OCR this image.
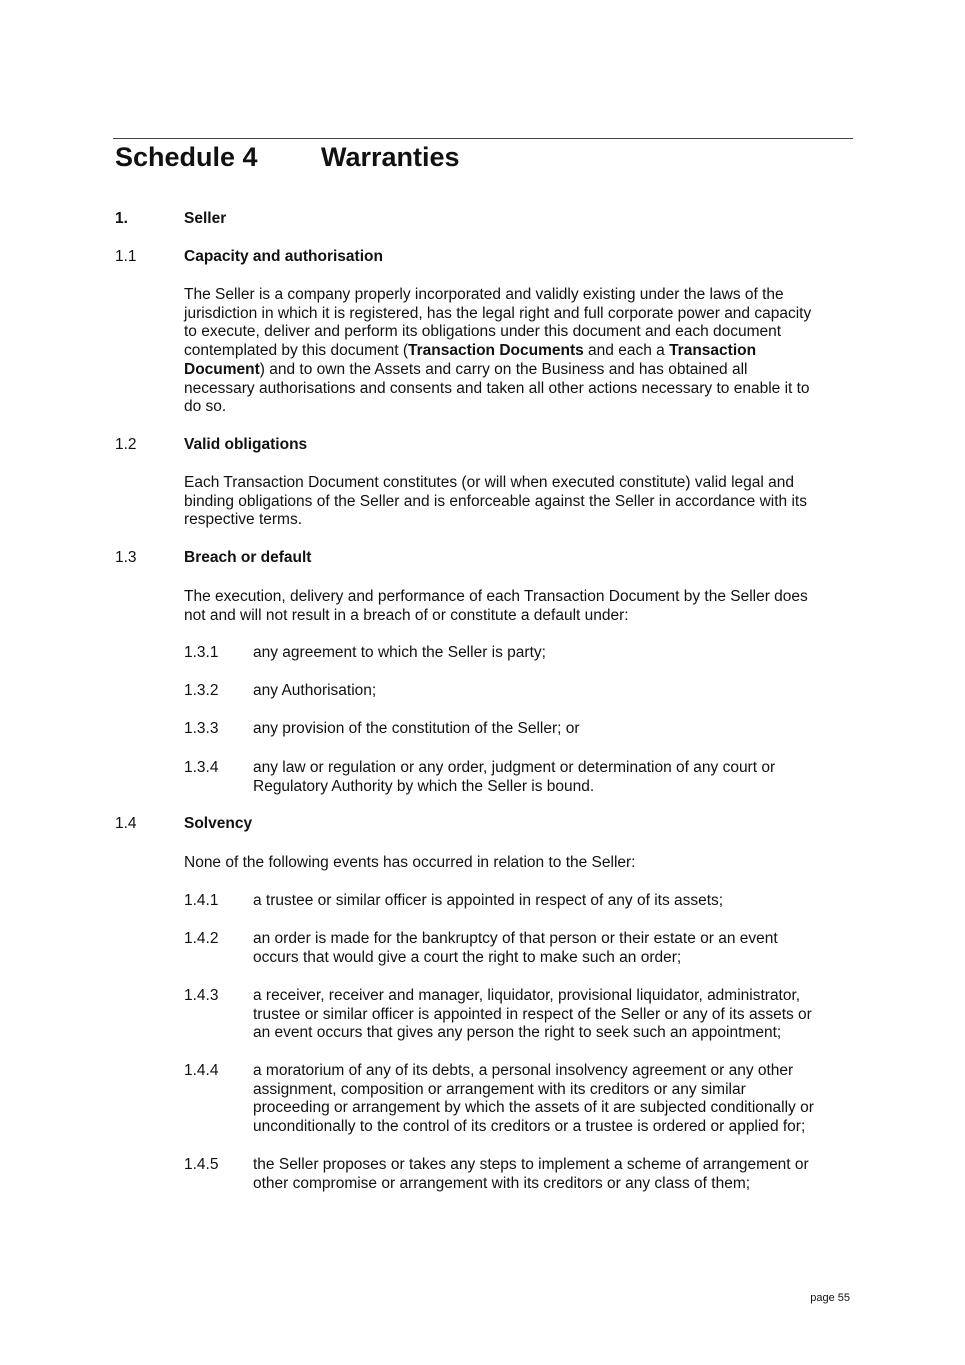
Schedule 4 Warranties
1.	Seller
1.1	Capacity and authorisation
The Seller is a company properly incorporated and validly existing under the laws of the
jurisdiction in which it is registered, has the legal right and full corporate power and capacity
to execute, deliver and perform its obligations under this document and each document
contemplated by this document (Transaction Documents and each a Transaction
Document) and to own the Assets and carry on the Business and has obtained all
necessary authorisations and consents and taken all other actions necessary to enable it to
do so.
1.2	Valid obligations
Each Transaction Document constitutes (or will when executed constitute) valid legal and
binding obligations of the Seller and is enforceable against the Seller in accordance with its
respective terms.
1.3	Breach or default
The execution, delivery and performance of each Transaction Document by the Seller does
not and will not result in a breach of or constitute a default under:
1.3.1 any agreement to which the Seller is party;
1.3.2 any Authorisation;
1.3.3 any provision of the constitution of the Seller; or
1.3.4 any law or regulation or any order, judgment or determination of any court or
Regulatory Authority by which the Seller is bound.
1.4	Solvency
None of the following events has occurred in relation to the Seller:
1.4.1 a trustee or similar officer is appointed in respect of any of its assets;
1.4.2 an order is made for the bankruptcy of that person or their estate or an event
occurs that would give a court the right to make such an order;
1.4.3 a receiver, receiver and manager, liquidator, provisional liquidator, administrator,
trustee or similar officer is appointed in respect of the Seller or any of its assets or
an event occurs that gives any person the right to seek such an appointment;
1.4.4 a moratorium of any of its debts, a personal insolvency agreement or any other
assignment, composition or arrangement with its creditors or any similar
proceeding or arrangement by which the assets of it are subjected conditionally or
unconditionally to the control of its creditors or a trustee is ordered or applied for;
1.4.5 the Seller proposes or takes any steps to implement a scheme of arrangement or
other compromise or arrangement with its creditors or any class of them;
page 55
